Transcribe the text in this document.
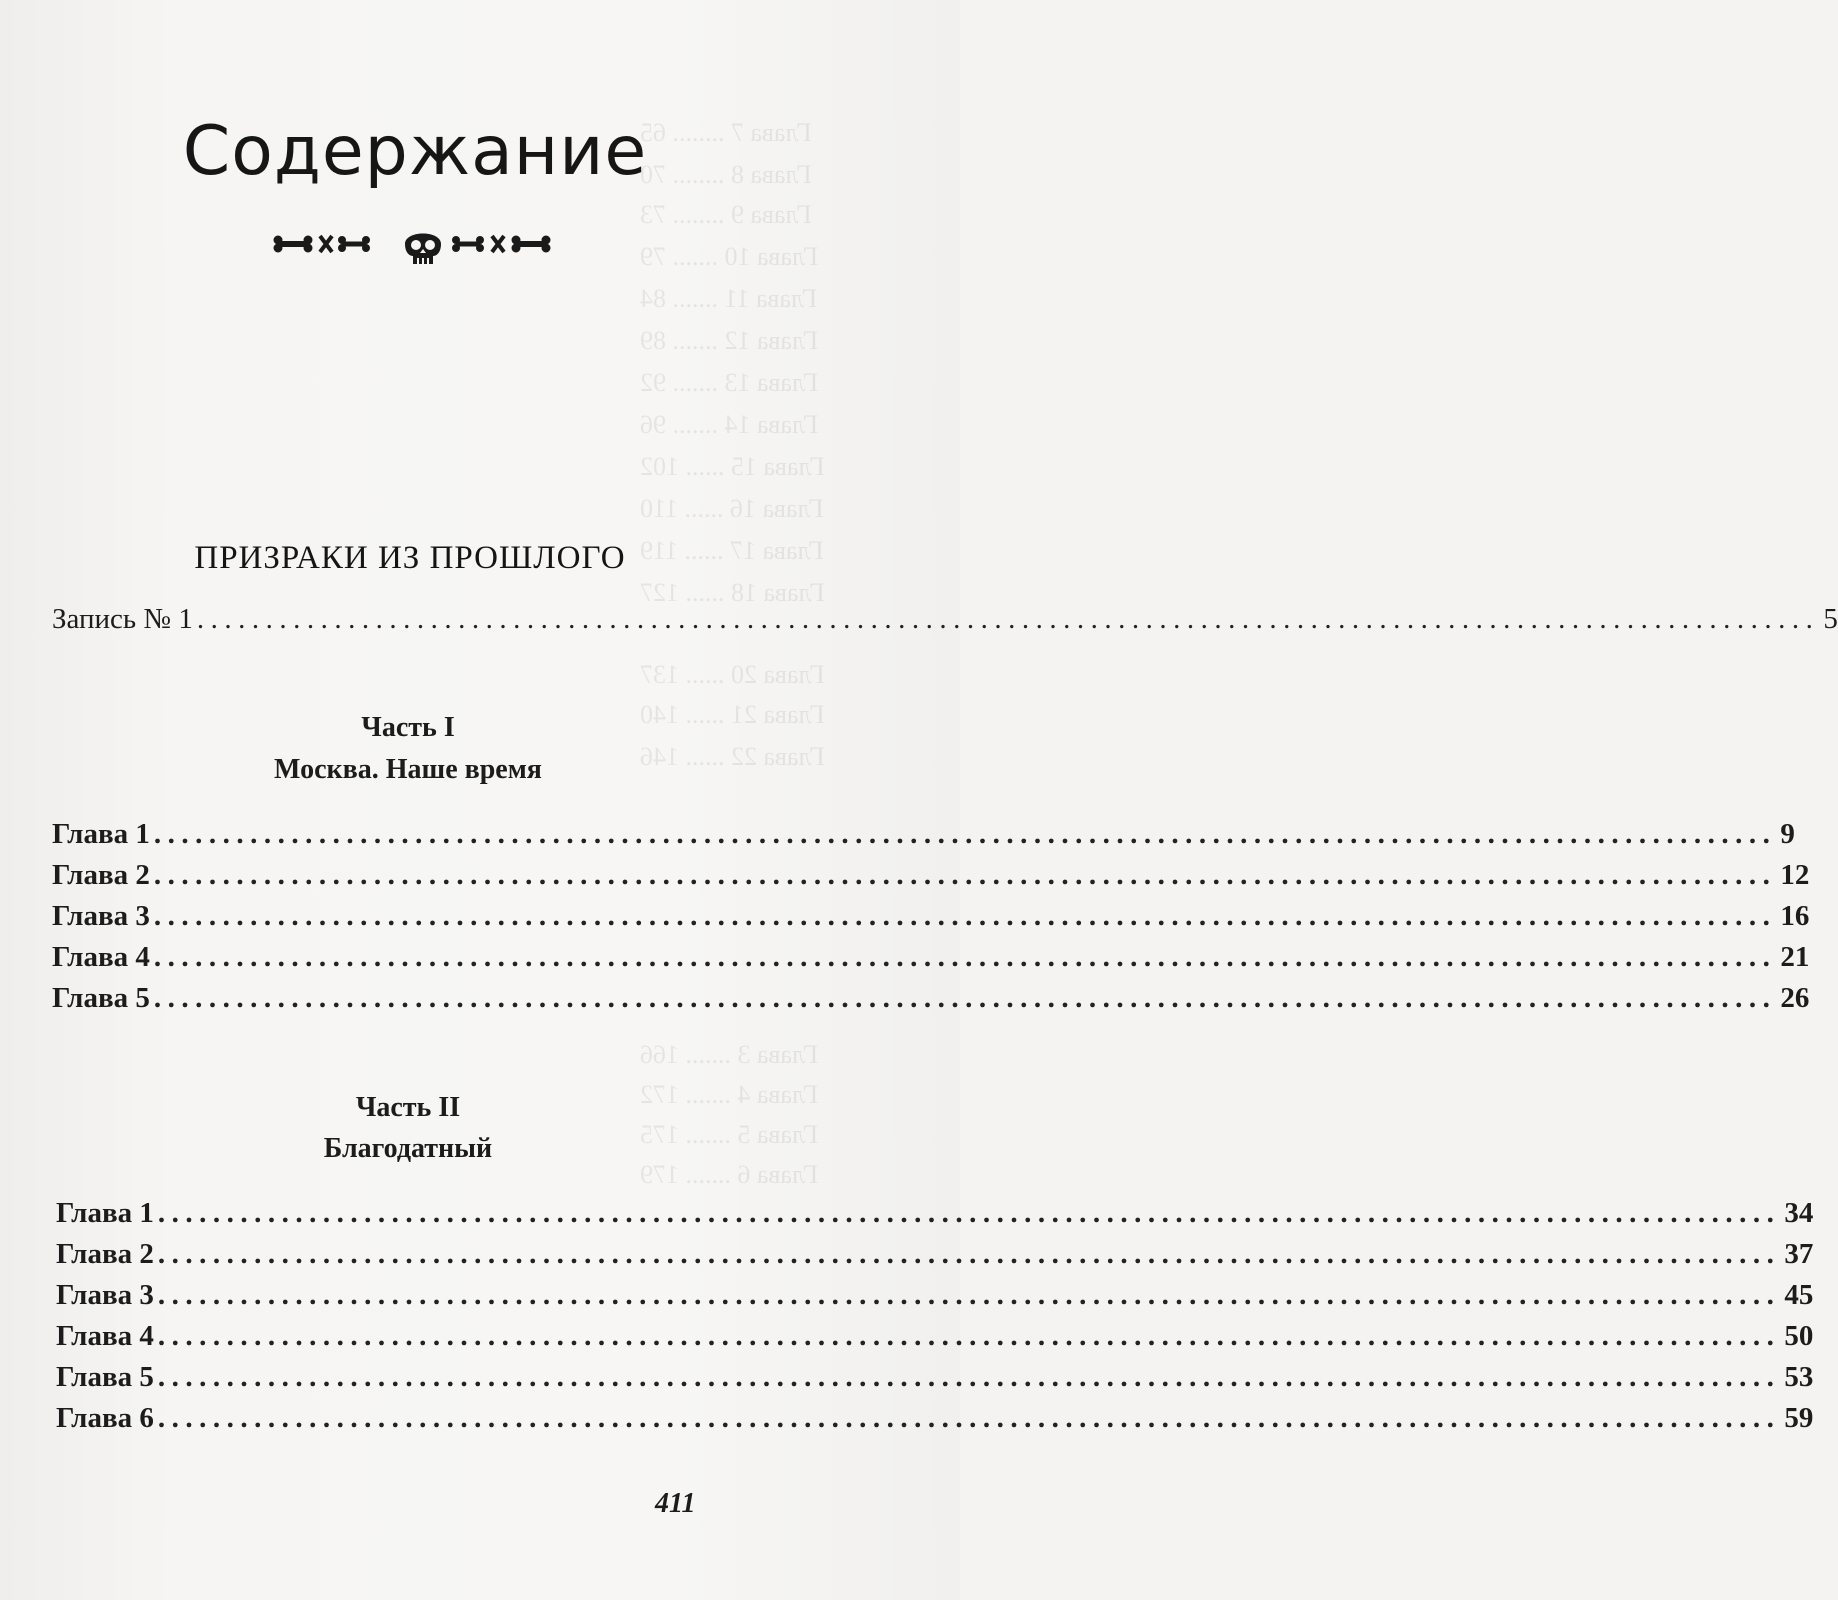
Глава 7 ........ 65
Глава 8 ........ 70
Глава 9 ........ 73
Глава 10 ....... 79
Глава 11 ....... 84
Глава 12 ....... 89
Глава 13 ....... 92
Глава 14 ....... 96
Глава 15 ...... 102
Глава 16 ...... 110
Глава 17 ...... 119
Глава 18 ...... 127
Глава 20 ...... 137
Глава 21 ...... 140
Глава 22 ...... 146
Глава 3 ....... 166
Глава 4 ....... 172
Глава 5 ....... 175
Глава 6 ....... 179
Содержание
ПРИЗРАКИ ИЗ ПРОШЛОГО
Запись № 1 ...................................................................................................................... 5
Часть I
Москва. Наше время
Глава 1 ...................................................................................................................... 9
Глава 2 ...................................................................................................................... 12
Глава 3 ...................................................................................................................... 16
Глава 4 ...................................................................................................................... 21
Глава 5 ...................................................................................................................... 26
Часть II
Благодатный
Глава 1 ...................................................................................................................... 34
Глава 2 ...................................................................................................................... 37
Глава 3 ...................................................................................................................... 45
Глава 4 ...................................................................................................................... 50
Глава 5 ...................................................................................................................... 53
Глава 6 ...................................................................................................................... 59
411
